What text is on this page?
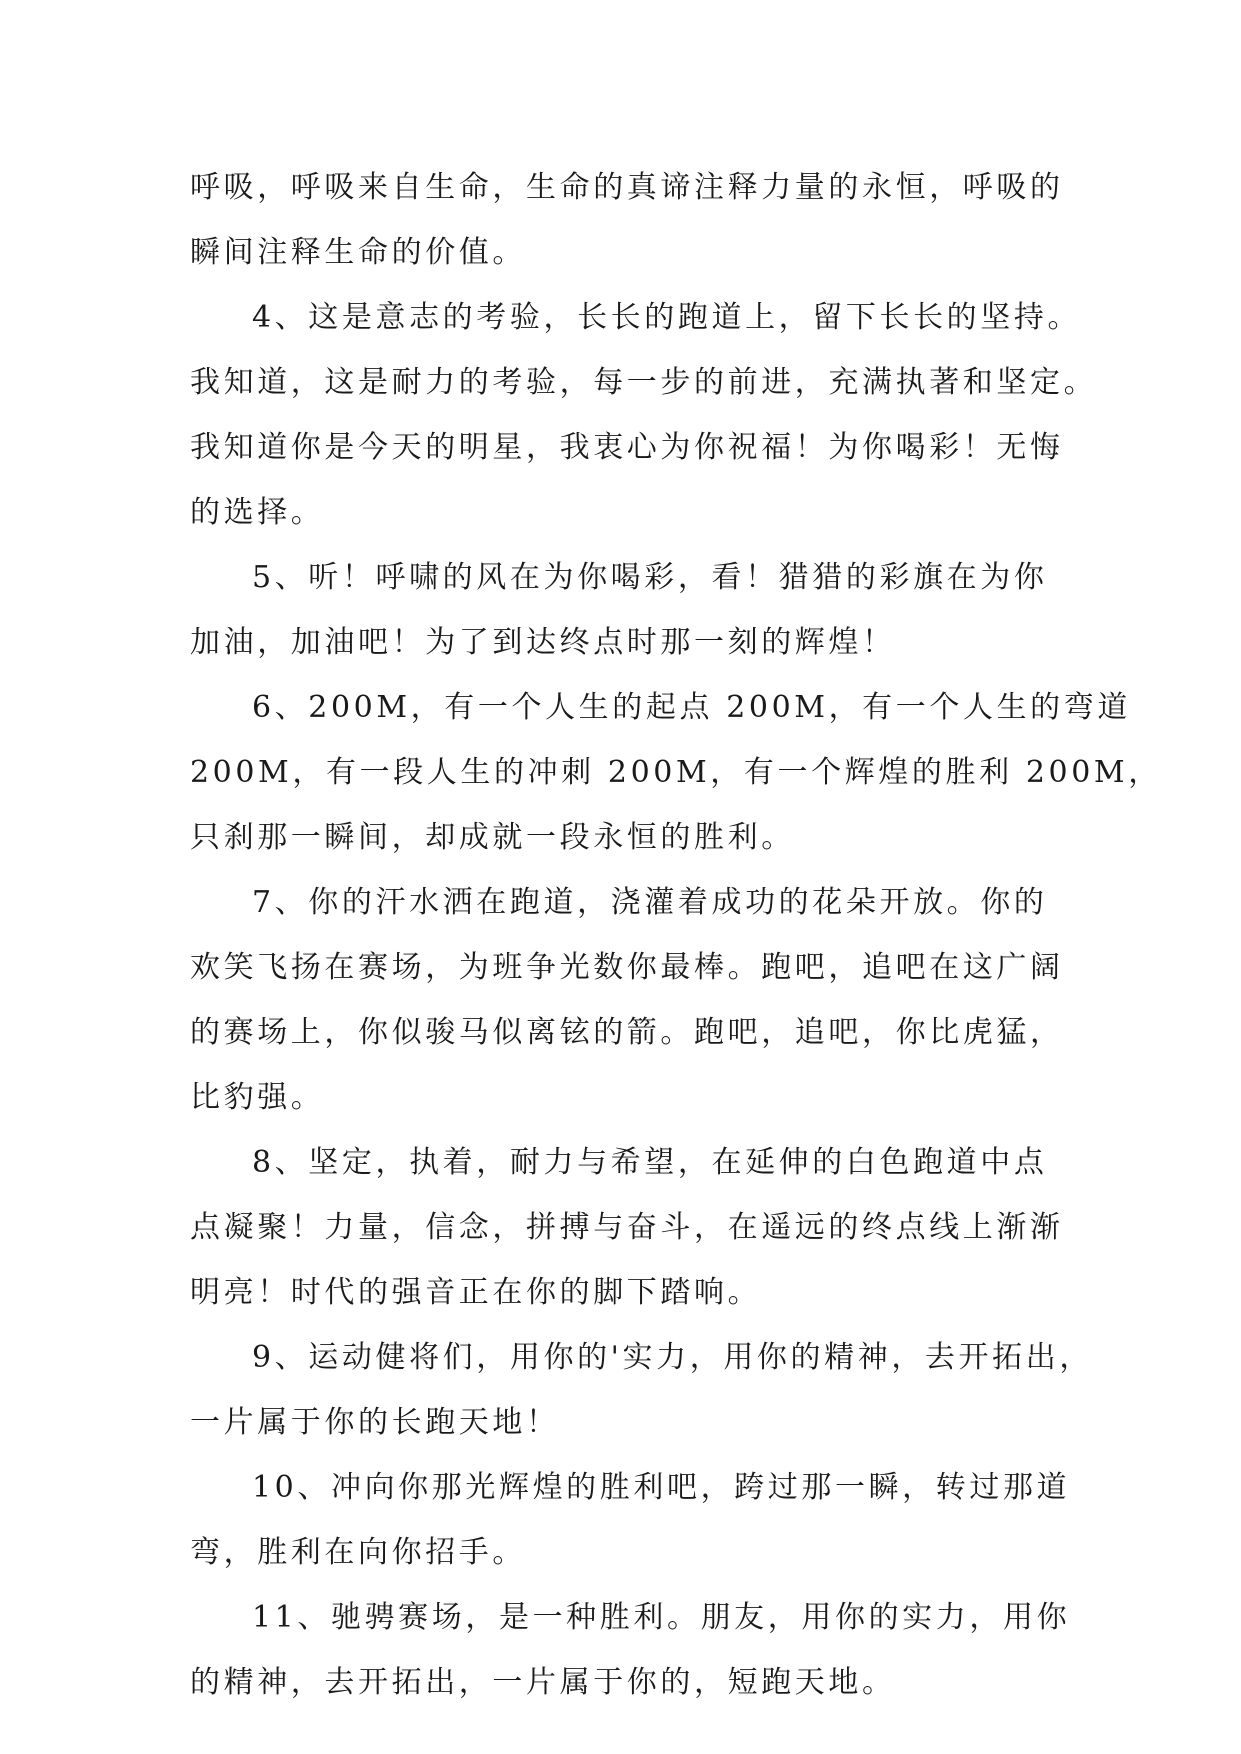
呼吸，呼吸来自生命，生命的真谛注释力量的永恒，呼吸的
瞬间注释生命的价值。
4、这是意志的考验，长长的跑道上，留下长长的坚持。
我知道，这是耐力的考验，每一步的前进，充满执著和坚定。
我知道你是今天的明星，我衷心为你祝福！为你喝彩！无悔
的选择。
5、听！呼啸的风在为你喝彩，看！猎猎的彩旗在为你
加油，加油吧！为了到达终点时那一刻的辉煌！
6、200M，有一个人生的起点 200M，有一个人生的弯道
200M，有一段人生的冲刺 200M，有一个辉煌的胜利 200M，
只刹那一瞬间，却成就一段永恒的胜利。
7、你的汗水洒在跑道，浇灌着成功的花朵开放。你的
欢笑飞扬在赛场，为班争光数你最棒。跑吧，追吧在这广阔
的赛场上，你似骏马似离铉的箭。跑吧，追吧，你比虎猛，
比豹强。
8、坚定，执着，耐力与希望，在延伸的白色跑道中点
点凝聚！力量，信念，拼搏与奋斗，在遥远的终点线上渐渐
明亮！时代的强音正在你的脚下踏响。
9、运动健将们，用你的'实力，用你的精神，去开拓出，
一片属于你的长跑天地！
10、冲向你那光辉煌的胜利吧，跨过那一瞬，转过那道
弯，胜利在向你招手。
11、驰骋赛场，是一种胜利。朋友，用你的实力，用你
的精神，去开拓出，一片属于你的，短跑天地。
